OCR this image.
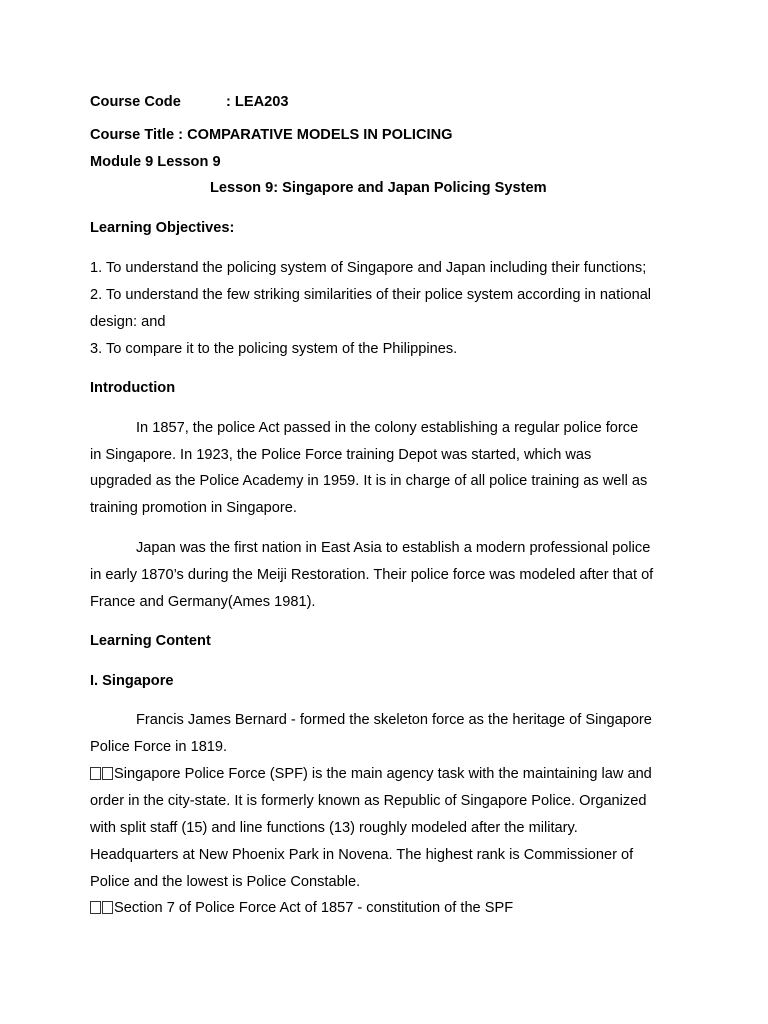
Course Code	: LEA203
Course Title : COMPARATIVE MODELS IN POLICING
Module 9 Lesson 9
Lesson 9: Singapore and Japan Policing System
Learning Objectives:
1. To understand the policing system of Singapore and Japan including their functions;
2. To understand the few striking similarities of their police system according in national
design: and
3. To compare it to the policing system of the Philippines.
Introduction
In 1857, the police Act passed in the colony establishing a regular police force
in Singapore. In 1923, the Police Force training Depot was started, which was
upgraded as the Police Academy in 1959. It is in charge of all police training as well as
training promotion in Singapore.
Japan was the first nation in East Asia to establish a modern professional police
in early 1870’s during the Meiji Restoration. Their police force was modeled after that of
France and Germany(Ames 1981).
Learning Content
I. Singapore
Francis James Bernard - formed the skeleton force as the heritage of Singapore
Police Force in 1819.
Singapore Police Force (SPF) is the main agency task with the maintaining law and
order in the city-state. It is formerly known as Republic of Singapore Police. Organized
with split staff (15) and line functions (13) roughly modeled after the military.
Headquarters at New Phoenix Park in Novena. The highest rank is Commissioner of
Police and the lowest is Police Constable.
Section 7 of Police Force Act of 1857 - constitution of the SPF
